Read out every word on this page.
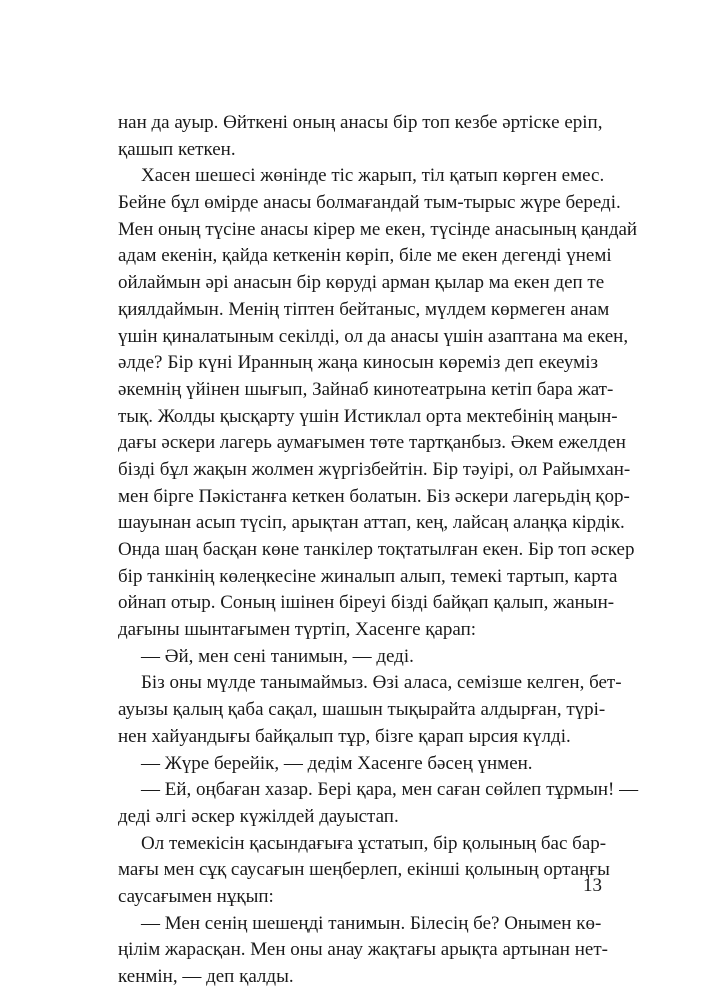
нан да ауыр. Өйткені оның анасы бір топ кезбе әртіскe еріп,
қашып кеткен.
Хасен шешесі жөнінде тіс жарып, тіл қатып көрген емес.
Бейне бұл өмірде анасы болмағандай тым-тырыс жүре береді.
Мен оның түсіне анасы кірер ме екен, түсінде анасының қандай
адам екенін, қайда кеткенін көріп, біле ме екен дегенді үнемі
ойлаймын әрі анасын бір көруді арман қылар ма екен деп те
қиялдаймын. Менің тіптен бейтаныс, мүлдем көрмеген анам
үшін қиналатыным секілді, ол да анасы үшін азаптана ма екен,
әлде? Бір күні Иранның жаңа киносын көреміз деп екеуміз
әкемнің үйінен шығып, Зайнаб кинотеатрына кетіп бара жат-
тық. Жолды қысқарту үшін Истиклал орта мектебінің маңын-
дағы әскери лагерь аумағымен төте тартқанбыз. Әкем ежелден
бізді бұл жақын жолмен жүргізбейтін. Бір тәуірі, ол Райымхан-
мен бірге Пәкістанға кеткен болатын. Біз әскери лагерьдің қор-
шауынан асып түсіп, арықтан аттап, кең, лайсаң алаңқа кірдік.
Онда шаң басқан көне танкілер тоқтатылған екен. Бір топ әскер
бір танкінің көлеңкесіне жиналып алып, темекі тартып, карта
ойнап отыр. Соның ішінен біреуі бізді байқап қалып, жанын-
дағыны шынтағымен түртіп, Хасенге қарап:
— Әй, мен сені танимын, — деді.
Біз оны мүлде танымаймыз. Өзі аласа, семізше келген, бет-
ауызы қалың қаба сақал, шашын тықырайта алдырған, түрі-
нен хайуандығы байқалып тұр, бізге қарап ырсия күлді.
— Жүре берейік, — дедім Хасенге бәсең үнмен.
— Ей, оңбаған хазар. Бері қара, мен саған сөйлеп тұрмын! —
деді әлгі әскер күжілдей дауыстап.
Ол темекісін қасындағыға ұстатып, бір қолының бас бар-
мағы мен сұқ саусағын шеңберлеп, екінші қолының ортаңғы
саусағымен нұқып:
— Мен сенің шешеңді танимын. Білесің бе? Онымен кө-
ңілім жарасқан. Мен оны анау жақтағы арықта артынан нет-
кенмін, — деп қалды.
13
